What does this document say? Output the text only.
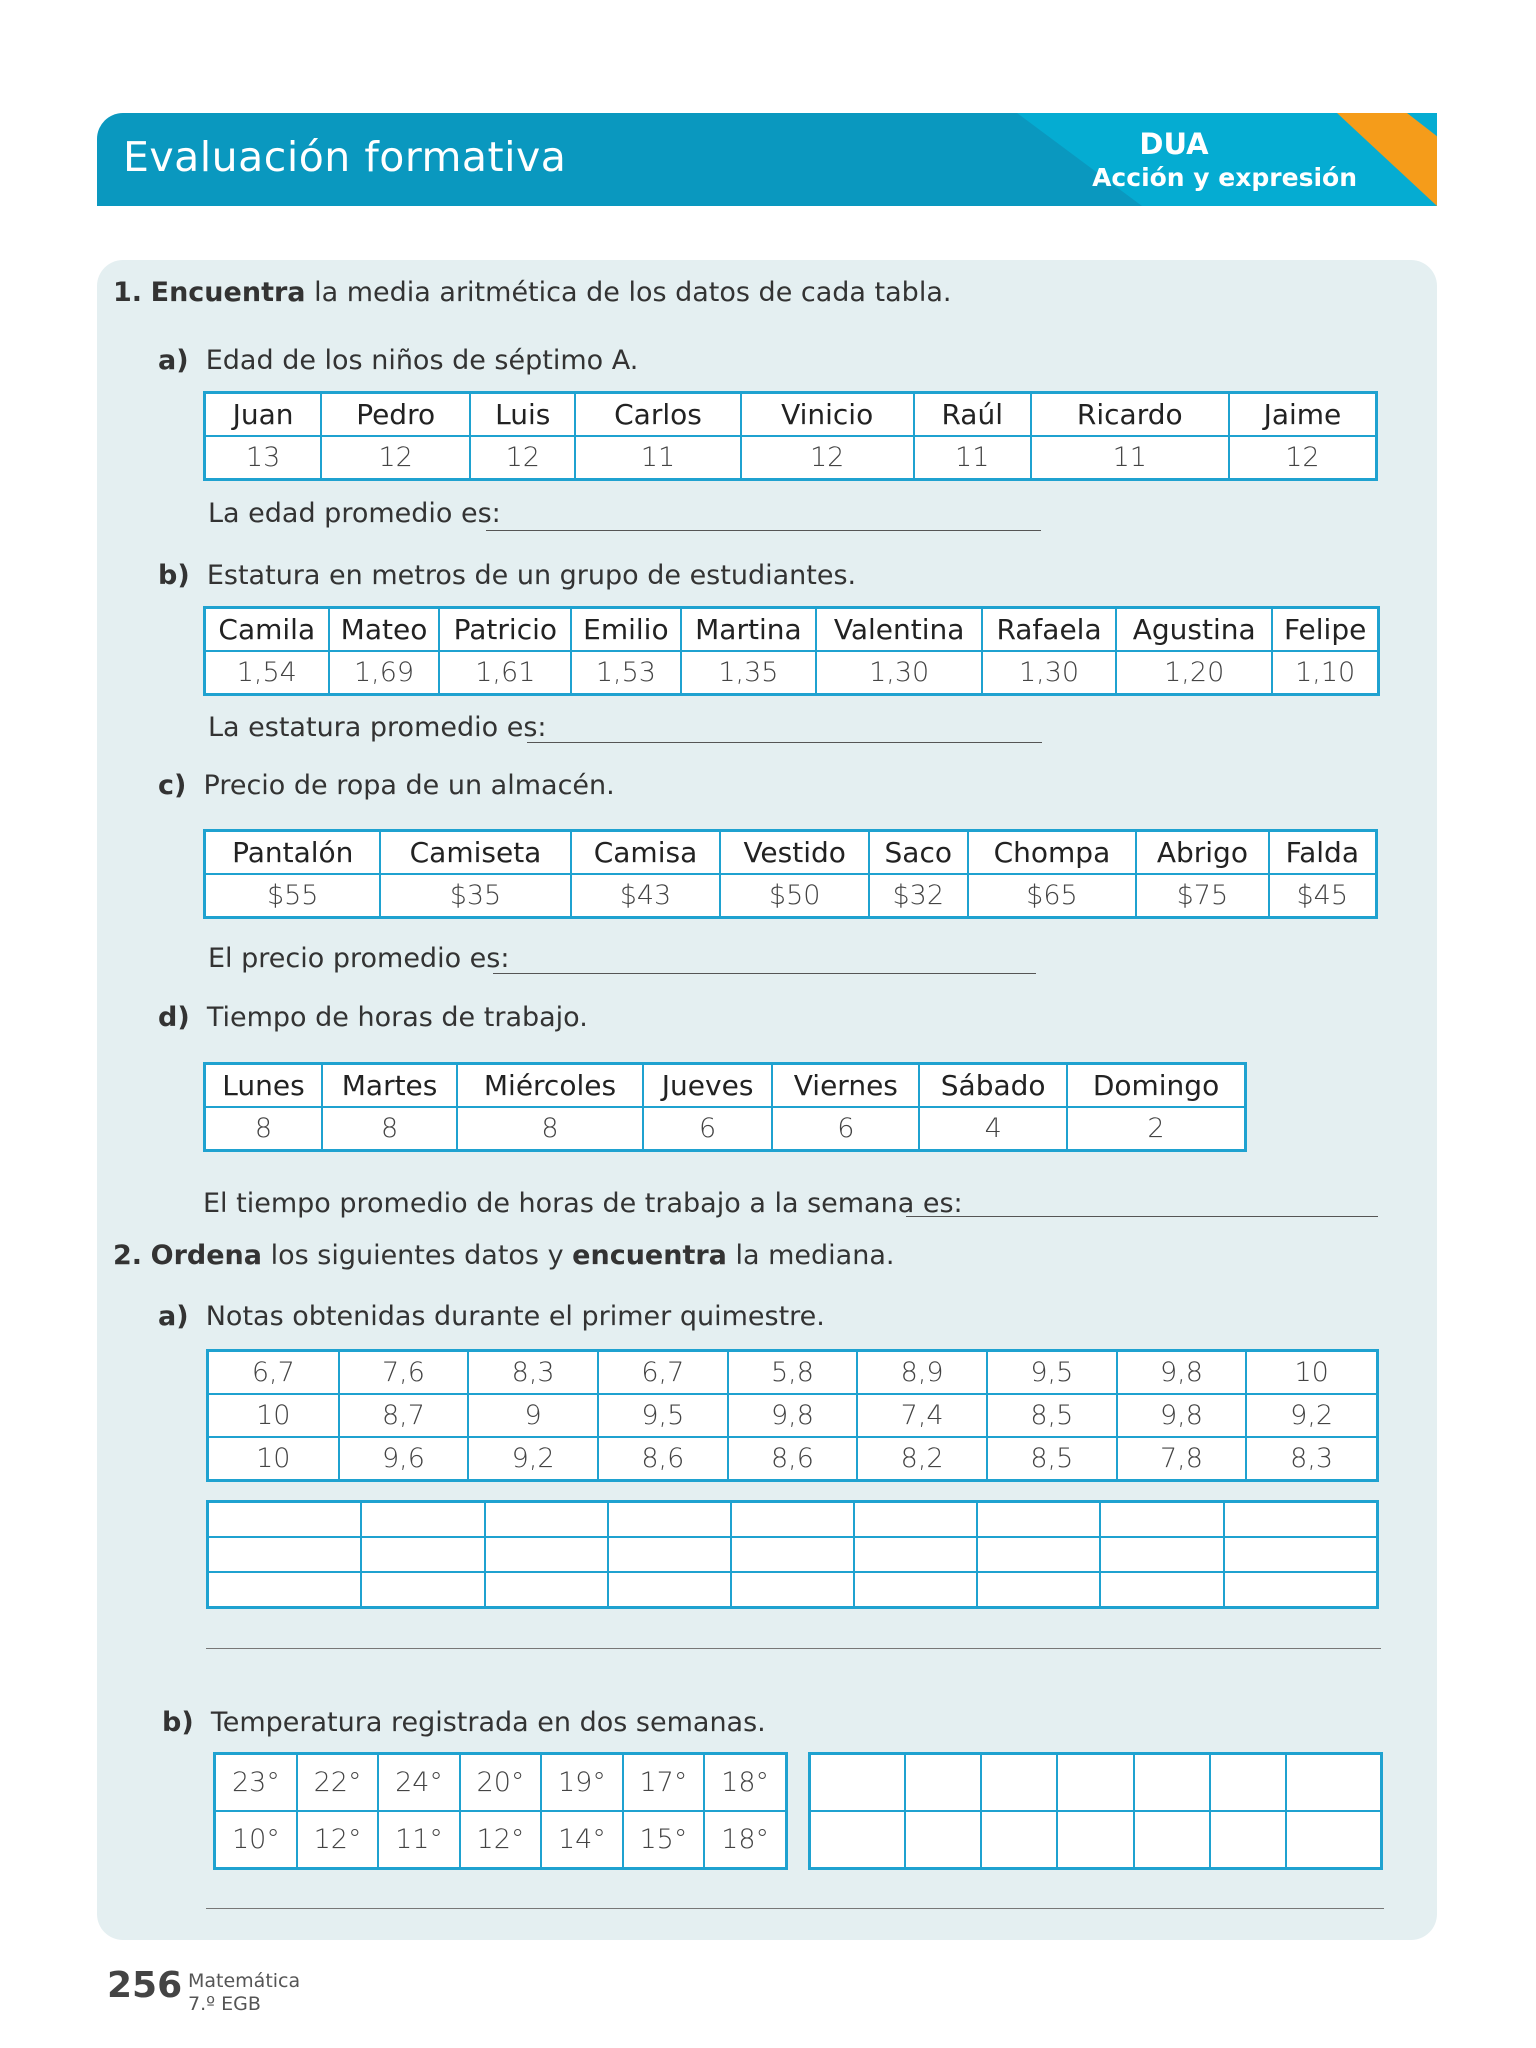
Evaluación formativa	DUA
Acción y expresión
1. Encuentra la media aritmética de los datos de cada tabla.
a) Edad de los niños de séptimo A.
Juan	Pedro	Luis	Carlos	Vinicio	Raúl	Ricardo	Jaime
13	12	12	11	12	11	11	12
La edad promedio es:
b) Estatura en metros de un grupo de estudiantes.
Camila	Mateo	Patricio	Emilio	Martina	Valentina	Rafaela	Agustina	Felipe
1,54	1,69	1,61	1,53	1,35	1,30	1,30	1,20	1,10
La estatura promedio es:
c) Precio de ropa de un almacén.
Pantalón	Camiseta	Camisa	Vestido	Saco	Chompa	Abrigo	Falda
$55	$35	$43	$50	$32	$65	$75	$45
El precio promedio es:
d) Tiempo de horas de trabajo.
Lunes	Martes	Miércoles	Jueves	Viernes	Sábado	Domingo
8	8	8	6	6	4	2
El tiempo promedio de horas de trabajo a la semana es:
2. Ordena los siguientes datos y encuentra la mediana.
a) Notas obtenidas durante el primer quimestre.
6,7	7,6	8,3	6,7	5,8	8,9	9,5	9,8	10
10	8,7	9	9,5	9,8	7,4	8,5	9,8	9,2
10	9,6	9,2	8,6	8,6	8,2	8,5	7,8	8,3

b) Temperatura registrada en dos semanas.
23°	22°	24°	20°	19°	17°	18°
10°	12°	11°	12°	14°	15°	18°

256 Matemática
7.º EGB
